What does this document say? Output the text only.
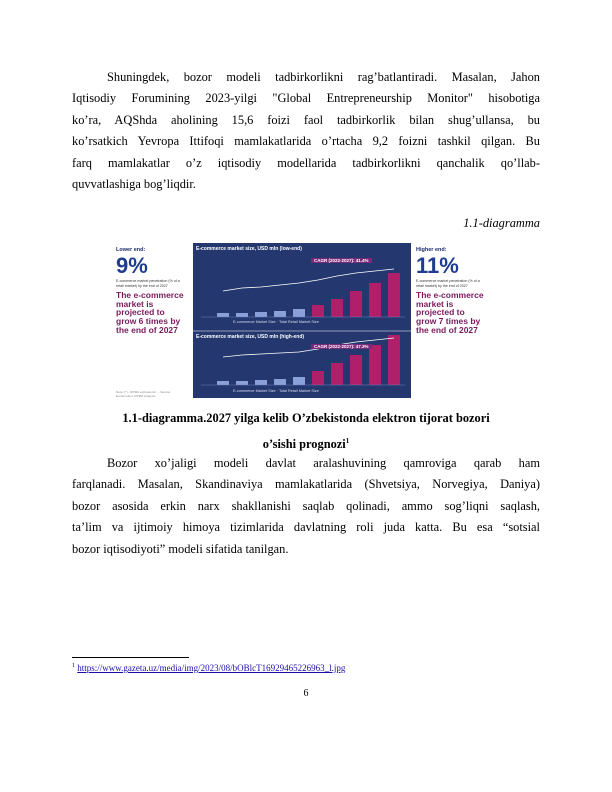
Shuningdek, bozor modeli tadbirkorlikni rag’batlantiradi. Masalan, Jahon
Iqtisodiy Forumining 2023-yilgi "Global Entrepreneurship Monitor" hisobotiga
ko’ra, AQShda aholining 15,6 foizi faol tadbirkorlik bilan shug’ullansa, bu
ko’rsatkich Yevropa Ittifoqi mamlakatlarida o’rtacha 9,2 foizni tashkil qilgan. Bu
farq mamlakatlar o’z iqtisodiy modellarida tadbirkorlikni qanchalik qo’llab-
quvvatlashiga bog’liqdir.
1.1-diagramma
Lower end:
9%
E-commerce market penetration (% of a retail market) by the end of 2027
The e-commerce
market is
projected to
grow 6 times by
the end of 2027
Note: (*) - RPMA estimate for ... Source: Euromonitor, RPMA Analysis
E-commerce market size, USD mln (low-end)
CAGR (2022-2027): 41.4%
E-commerce Market Size · Total Retail Market Size
E-commerce market size, USD mln (high-end)
CAGR (2022-2027): 47.3%
E-commerce Market Size · Total Retail Market Size
Higher end:
11%
E-commerce market penetration (% of a retail market) by the end of 2027
The e-commerce
market is
projected to
grow 7 times by
the end of 2027
1.1-diagramma.2027 yilga kelib O’zbekistonda elektron tijorat bozori
o’sishi prognozi$^1$
Bozor xo’jaligi modeli davlat aralashuvining qamroviga qarab ham
farqlanadi. Masalan, Skandinaviya mamlakatlarida (Shvetsiya, Norvegiya, Daniya)
bozor asosida erkin narx shakllanishi saqlab qolinadi, ammo sog’liqni saqlash,
ta’lim va ijtimoiy himoya tizimlarida davlatning roli juda katta. Bu esa “sotsial
bozor iqtisodiyoti” modeli sifatida tanilgan.
$^1$ https://www.gazeta.uz/media/img/2023/08/bOBlcT16929465226963_l.jpg
6
